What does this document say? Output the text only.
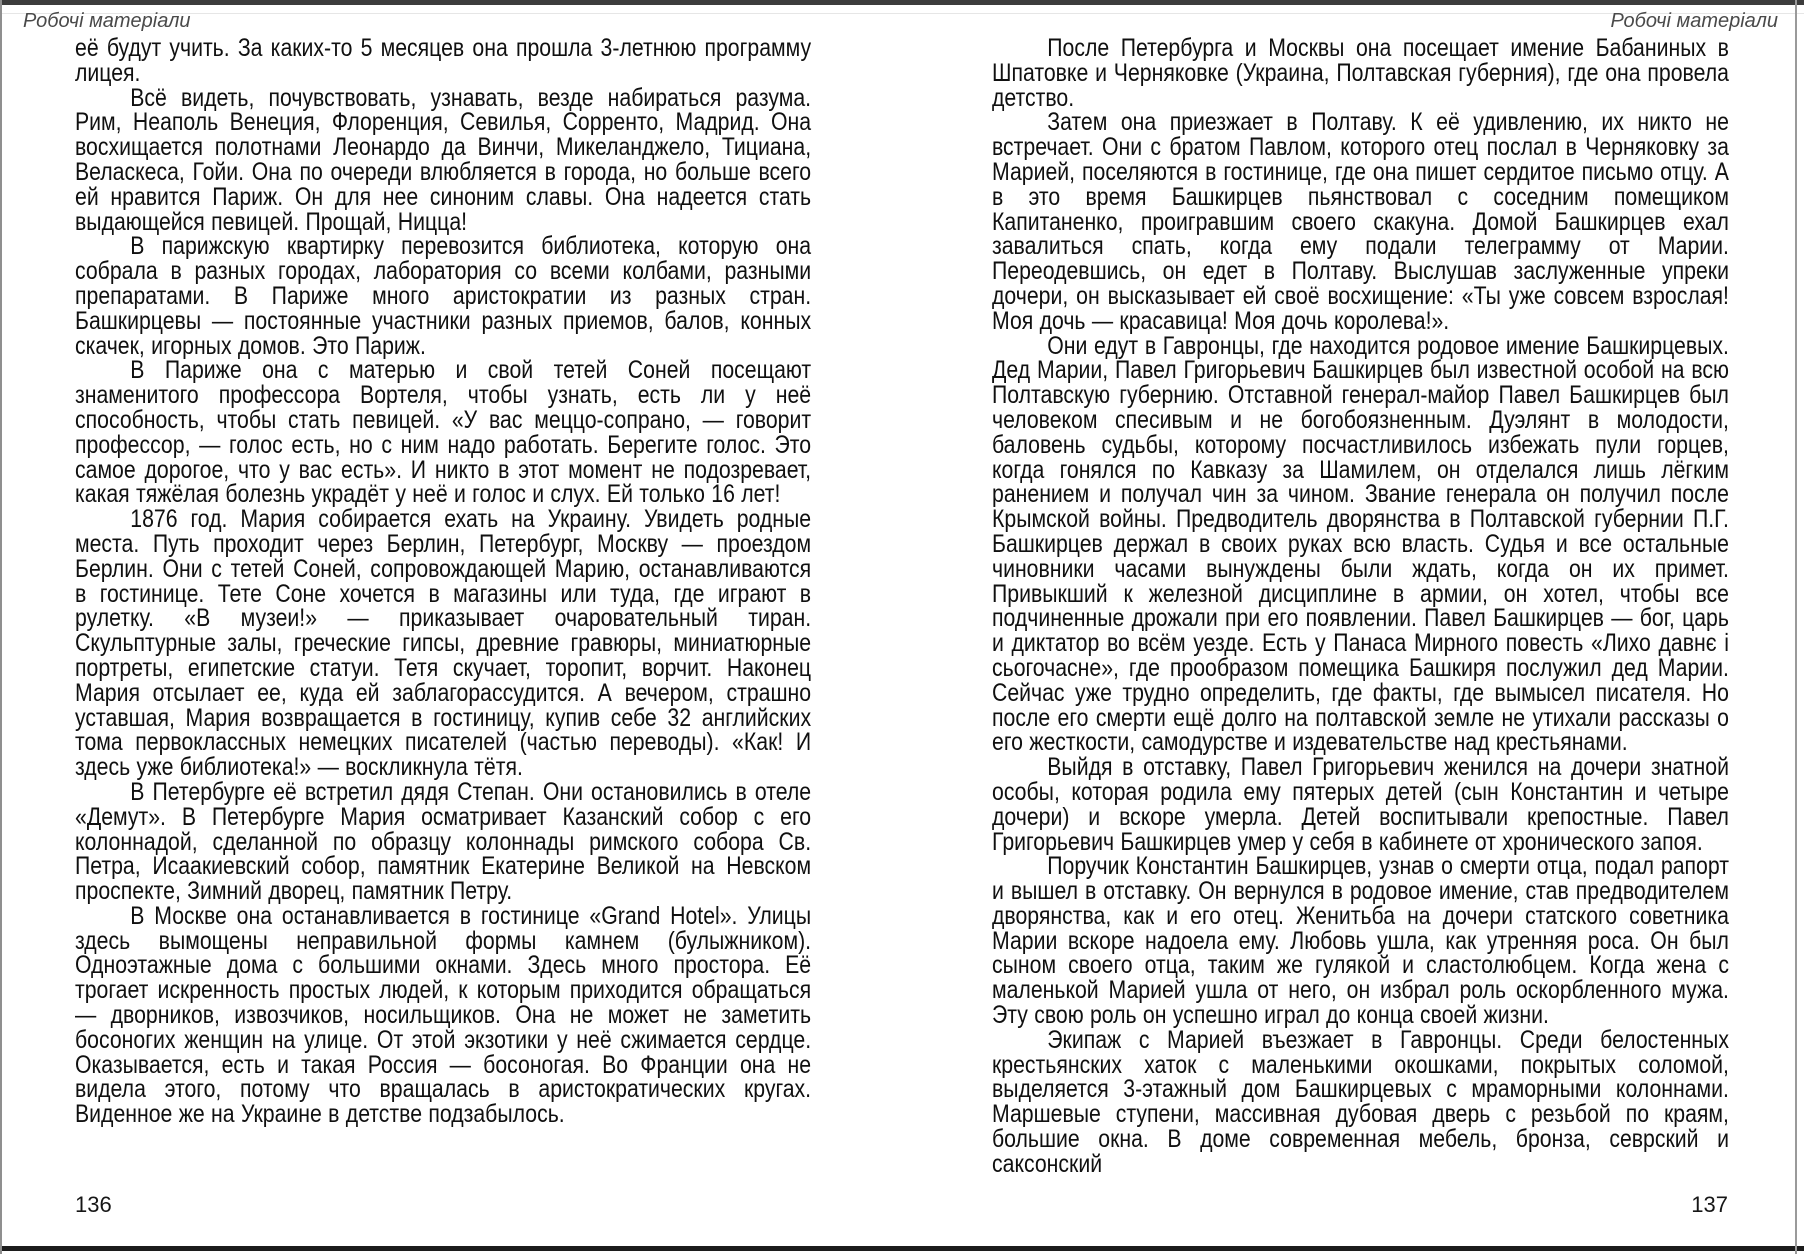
Робочі матеріали

её будут учить. За каких-то 5 месяцев она прошла 3-летнюю программу лицея.

Всё видеть, почувствовать, узнавать, везде набираться разума. Рим, Неаполь Венеция, Флоренция, Севилья, Сорренто, Мадрид. Она восхищается полотнами Леонардо да Винчи, Микеланджело, Тициана, Веласкеса, Гойи. Она по очереди влюбляется в города, но больше всего ей нравится Париж. Он для нее синоним славы. Она надеется стать выдающейся певицей. Прощай, Ницца!

В парижскую квартирку перевозится библиотека, которую она собрала в разных городах, лаборатория со всеми колбами, разными препаратами. В Париже много аристократии из разных стран. Башкирцевы — постоянные участники разных приемов, балов, конных скачек, игорных домов. Это Париж.

В Париже она с матерью и свой тетей Соней посещают знаменитого профессора Вортеля, чтобы узнать, есть ли у неё способность, чтобы стать певицей. «У вас меццо-сопрано, — говорит профессор, — голос есть, но с ним надо работать. Берегите голос. Это самое дорогое, что у вас есть». И никто в этот момент не подозревает, какая тяжёлая болезнь украдёт у неё и голос и слух. Ей только 16 лет!

1876 год. Мария собирается ехать на Украину. Увидеть родные места. Путь проходит через Берлин, Петербург, Москву — проездом Берлин. Они с тетей Соней, сопровождающей Марию, останавливаются в гостинице. Тете Соне хочется в магазины или туда, где играют в рулетку. «В музеи!» — приказывает очаровательный тиран. Скульптурные залы, греческие гипсы, древние гравюры, миниатюрные портреты, египетские статуи. Тетя скучает, торопит, ворчит. Наконец Мария отсылает ее, куда ей заблагорассудится. А вечером, страшно уставшая, Мария возвращается в гостиницу, купив себе 32 английских тома первоклассных немецких писателей (частью переводы). «Как! И здесь уже библиотека!» — воскликнула тётя.

В Петербурге её встретил дядя Степан. Они остановились в отеле «Демут». В Петербурге Мария осматривает Казанский собор с его колоннадой, сделанной по образцу колоннады римского собора Св. Петра, Исаакиевский собор, памятник Екатерине Великой на Невском проспекте, Зимний дворец, памятник Петру.

В Москве она останавливается в гостинице «Grand Hotel». Улицы здесь вымощены неправильной формы камнем (булыжником). Одноэтажные дома с большими окнами. Здесь много простора. Её трогает искренность простых людей, к которым приходится обращаться — дворников, извозчиков, носильщиков. Она не может не заметить босоногих женщин на улице. От этой экзотики у неё сжимается сердце. Оказывается, есть и такая Россия — босоногая. Во Франции она не видела этого, потому что вращалась в аристократических кругах. Виденное же на Украине в детстве подзабылось.

136
Робочі матеріали

После Петербурга и Москвы она посещает имение Бабаниных в Шпатовке и Черняковке (Украина, Полтавская губерния), где она провела детство.

Затем она приезжает в Полтаву. К её удивлению, их никто не встречает. Они с братом Павлом, которого отец послал в Черняковку за Марией, поселяются в гостинице, где она пишет сердитое письмо отцу. А в это время Башкирцев пьянствовал с соседним помещиком Капитаненко, проигравшим своего скакуна. Домой Башкирцев ехал завалиться спать, когда ему подали телеграмму от Марии. Переодевшись, он едет в Полтаву. Выслушав заслуженные упреки дочери, он высказывает ей своё восхищение: «Ты уже совсем взрослая! Моя дочь — красавица! Моя дочь королева!».

Они едут в Гавронцы, где находится родовое имение Башкирцевых. Дед Марии, Павел Григорьевич Башкирцев был известной особой на всю Полтавскую губернию. Отставной генерал-майор Павел Башкирцев был человеком спесивым и не богобоязненным. Дуэлянт в молодости, баловень судьбы, которому посчастливилось избежать пули горцев, когда гонялся по Кавказу за Шамилем, он отделался лишь лёгким ранением и получал чин за чином. Звание генерала он получил после Крымской войны. Предводитель дворянства в Полтавской губернии П.Г. Башкирцев держал в своих руках всю власть. Судья и все остальные чиновники часами вынуждены были ждать, когда он их примет. Привыкший к железной дисциплине в армии, он хотел, чтобы все подчиненные дрожали при его появлении. Павел Башкирцев — бог, царь и диктатор во всём уезде. Есть у Панаса Мирного повесть «Лихо давнє і сьогочасне», где прообразом помещика Башкиря послужил дед Марии. Сейчас уже трудно определить, где факты, где вымысел писателя. Но после его смерти ещё долго на полтавской земле не утихали рассказы о его жесткости, самодурстве и издевательстве над крестьянами.

Выйдя в отставку, Павел Григорьевич женился на дочери знатной особы, которая родила ему пятерых детей (сын Константин и четыре дочери) и вскоре умерла. Детей воспитывали крепостные. Павел Григорьевич Башкирцев умер у себя в кабинете от хронического запоя.

Поручик Константин Башкирцев, узнав о смерти отца, подал рапорт и вышел в отставку. Он вернулся в родовое имение, став предводителем дворянства, как и его отец. Женитьба на дочери статского советника Марии вскоре надоела ему. Любовь ушла, как утренняя роса. Он был сыном своего отца, таким же гулякой и сластолюбцем. Когда жена с маленькой Марией ушла от него, он избрал роль оскорбленного мужа. Эту свою роль он успешно играл до конца своей жизни.

Экипаж с Марией въезжает в Гавронцы. Среди белостенных крестьянских хаток с маленькими окошками, покрытых соломой, выделяется 3-этажный дом Башкирцевых с мраморными колоннами. Маршевые ступени, массивная дубовая дверь с резьбой по краям, большие окна. В доме современная мебель, бронза, севрский и саксонский

137
